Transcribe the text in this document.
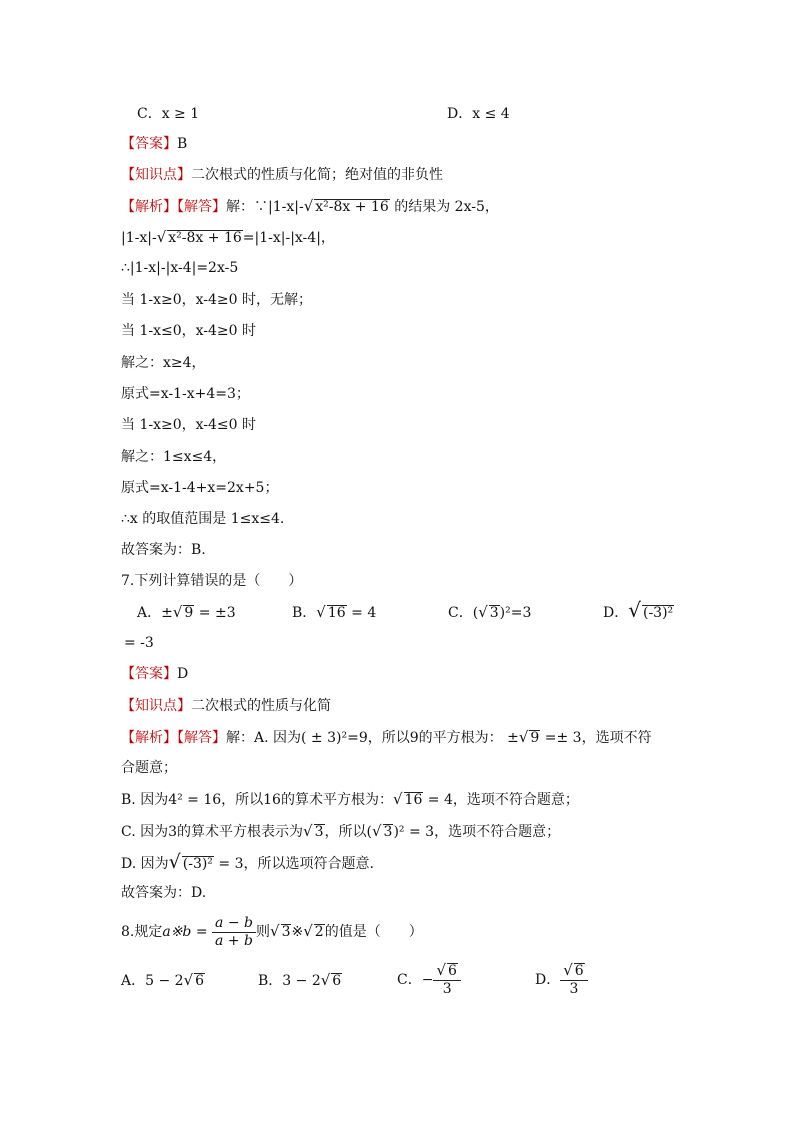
C．x ≥ 1	D．x ≤ 4
【答案】B
【知识点】二次根式的性质与化简；绝对值的非负性
【解析】【解答】解：∵|1-x|-√ x²-8x + 16 的结果为 2x-5，
|1-x|-√ x²-8x + 16=|1-x|-|x-4|，
∴|1-x|-|x-4|=2x-5
当 1-x≥0，x-4≥0 时，无解；
当 1-x≤0，x-4≥0 时
解之：x≥4，
原式=x-1-x+4=3；
当 1-x≥0，x-4≤0 时
解之：1≤x≤4，
原式=x-1-4+x=2x+5；
∴x 的取值范围是 1≤x≤4.
故答案为：B.
7.下列计算错误的是（　　）
A．±√ 9 = ±3	B．√ 16 = 4	C．(√ 3)²=3	D．√ (-3)²
= -3
【答案】D
【知识点】二次根式的性质与化简
【解析】【解答】解：A. 因为( ± 3)²=9，所以9的平方根为： ±√ 9 =± 3，选项不符
合题意；
B. 因为4² = 16，所以16的算术平方根为：√ 16 = 4，选项不符合题意；
C. 因为3的算术平方根表示为√ 3，所以(√ 3)² = 3，选项不符合题意；
D. 因为√ (-3)² = 3，所以选项符合题意.
故答案为：D.
8.规定a※b = $\frac{a - b}{a + b}$ 则√ 3※√ 2的值是（　　）
A．5 − 2√ 6	B．3 − 2√ 6	C．− $\frac{√ 6}{3}$	D． $\frac{√ 6}{3}$
